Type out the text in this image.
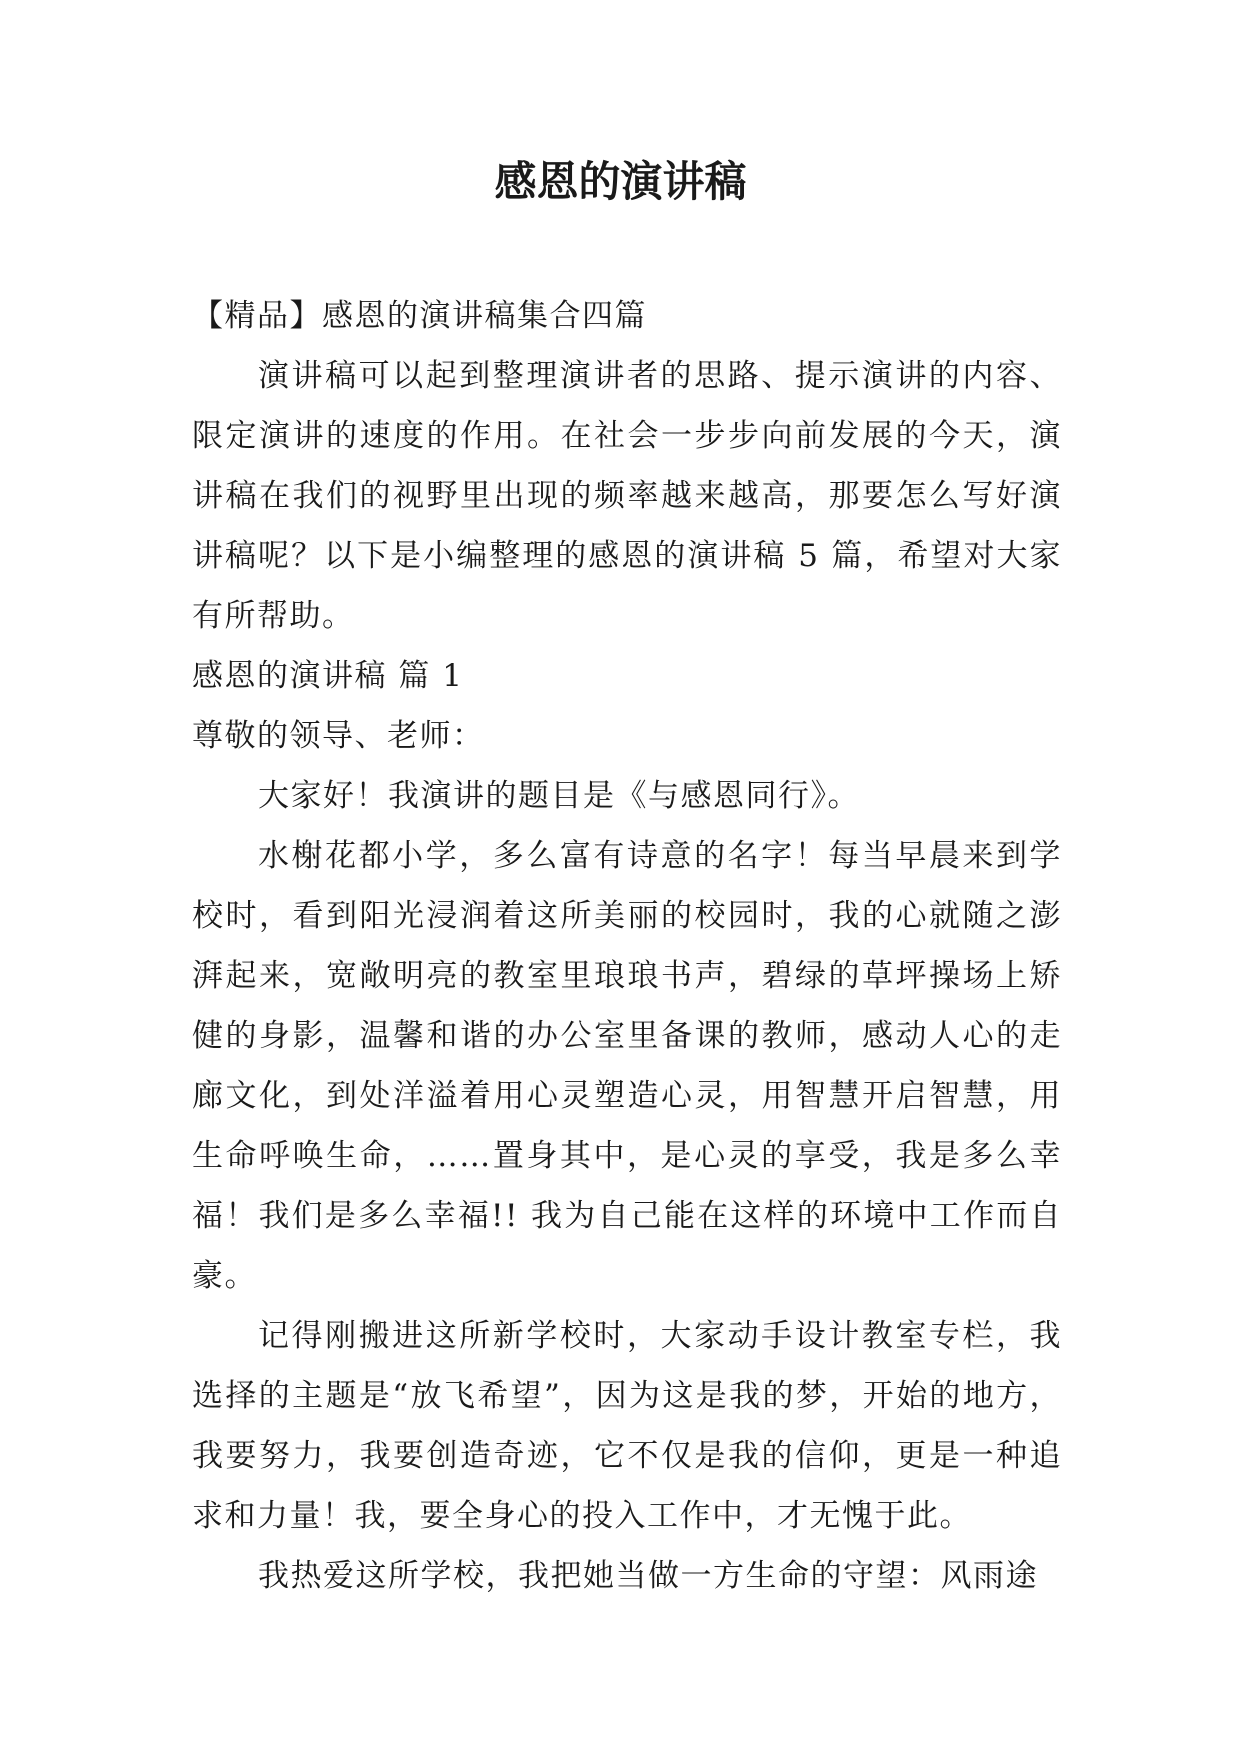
感恩的演讲稿

【精品】感恩的演讲稿集合四篇

演讲稿可以起到整理演讲者的思路、提示演讲的内容、限定演讲的速度的作用。在社会一步步向前发展的今天，演讲稿在我们的视野里出现的频率越来越高，那要怎么写好演讲稿呢？以下是小编整理的感恩的演讲稿 5 篇，希望对大家有所帮助。

感恩的演讲稿 篇 1

尊敬的领导、老师：

大家好！我演讲的题目是《与感恩同行》。

水榭花都小学，多么富有诗意的名字！每当早晨来到学校时，看到阳光浸润着这所美丽的校园时，我的心就随之澎湃起来，宽敞明亮的教室里琅琅书声，碧绿的草坪操场上矫健的身影，温馨和谐的办公室里备课的教师，感动人心的走廊文化，到处洋溢着用心灵塑造心灵，用智慧开启智慧，用生命呼唤生命，……置身其中，是心灵的享受，我是多么幸福！我们是多么幸福!! 我为自己能在这样的环境中工作而自豪。

记得刚搬进这所新学校时，大家动手设计教室专栏，我选择的主题是“放飞希望”，因为这是我的梦，开始的地方，我要努力，我要创造奇迹，它不仅是我的信仰，更是一种追求和力量！我，要全身心的投入工作中，才无愧于此。

我热爱这所学校，我把她当做一方生命的守望：风雨途
